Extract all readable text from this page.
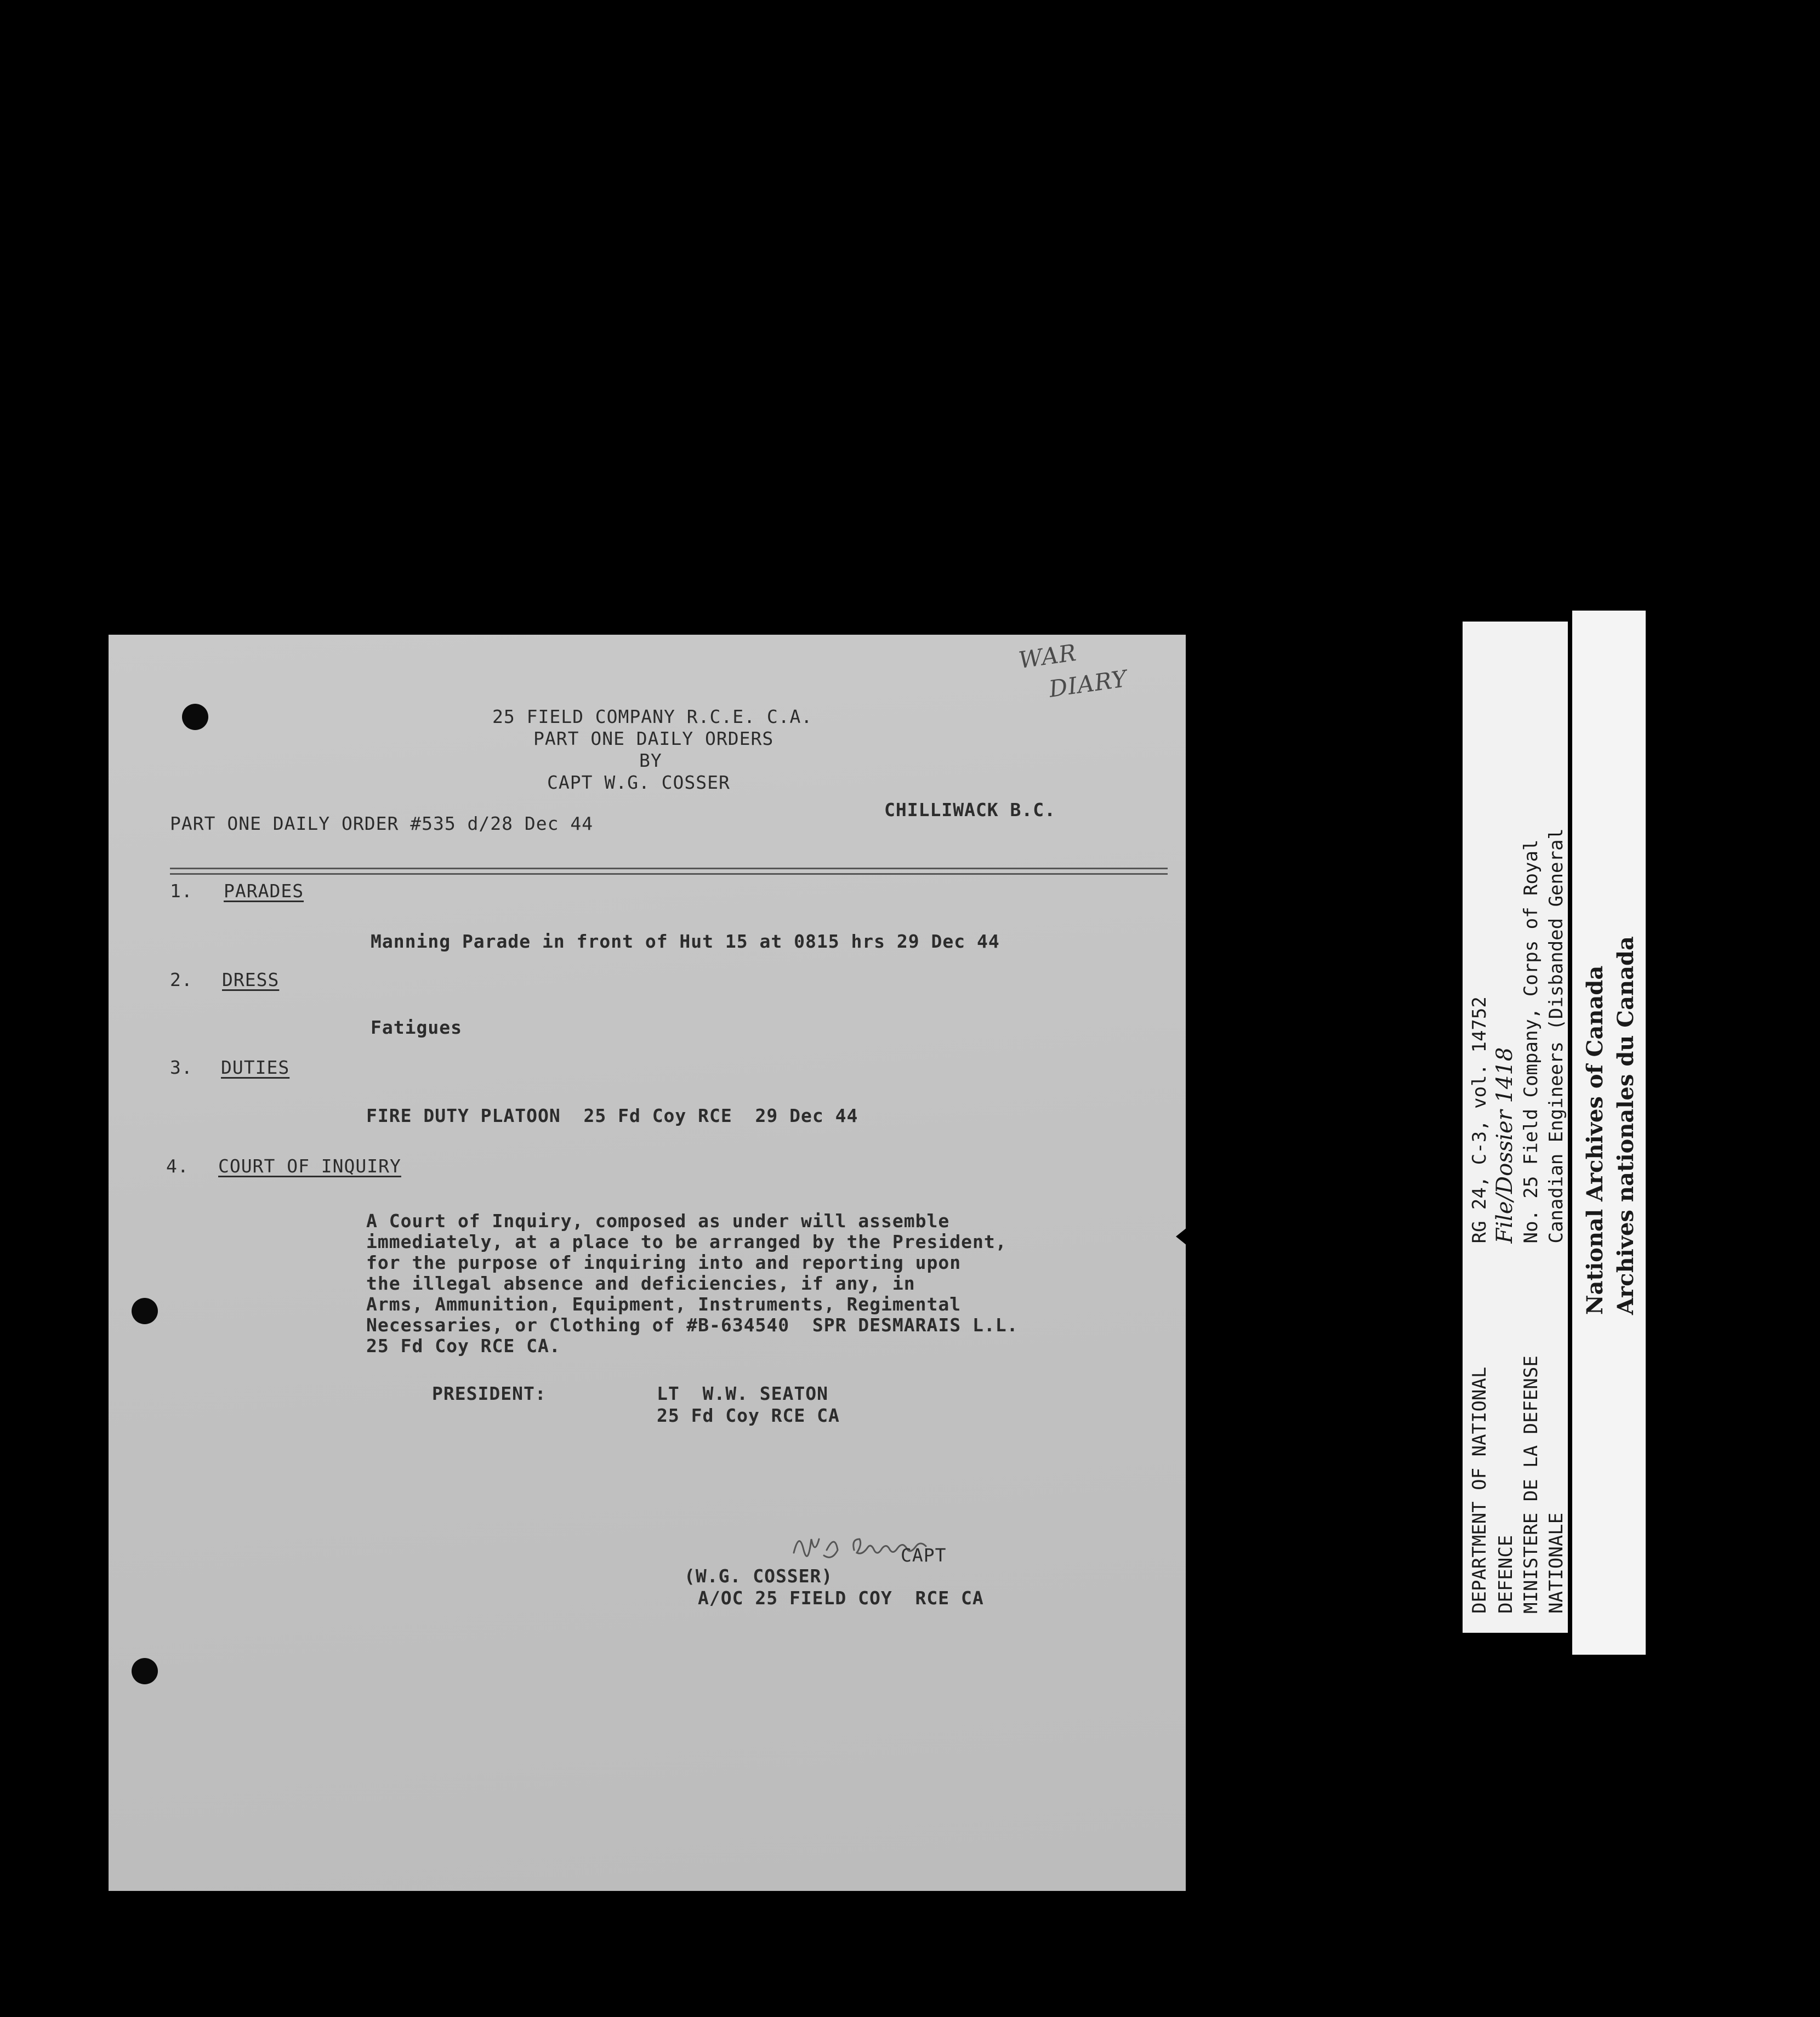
WAR
DIARY
25 FIELD COMPANY R.C.E. C.A.
PART ONE DAILY ORDERS
BY
CAPT W.G. COSSER
PART ONE DAILY ORDER #535 d/28 Dec 44
CHILLIWACK B.C.
1. PARADES
Manning Parade in front of Hut 15 at 0815 hrs 29 Dec 44
2. DRESS
Fatigues
3. DUTIES
FIRE DUTY PLATOON  25 Fd Coy RCE  29 Dec 44
4. COURT OF INQUIRY
A Court of Inquiry, composed as under will assemble
immediately, at a place to be arranged by the President,
for the purpose of inquiring into and reporting upon
the illegal absence and deficiencies, if any, in
Arms, Ammunition, Equipment, Instruments, Regimental
Necessaries, or Clothing of #B-634540  SPR DESMARAIS L.L.
25 Fd Coy RCE CA.
PRESIDENT:	LT  W.W. SEATON
25 Fd Coy RCE CA
CAPT
(W.G. COSSER)
A/OC 25 FIELD COY  RCE CA	DEPARTMENT OF NATIONAL           RG 24, C-3, vol. 14752 DEFENCE                          File/Dossier 1418 MINISTERE DE LA DEFENSE          No. 25 Field Company, Corps of Royal NATIONALE                        Canadian Engineers (Disbanded General National Archives of Canada Archives nationales du Canada
